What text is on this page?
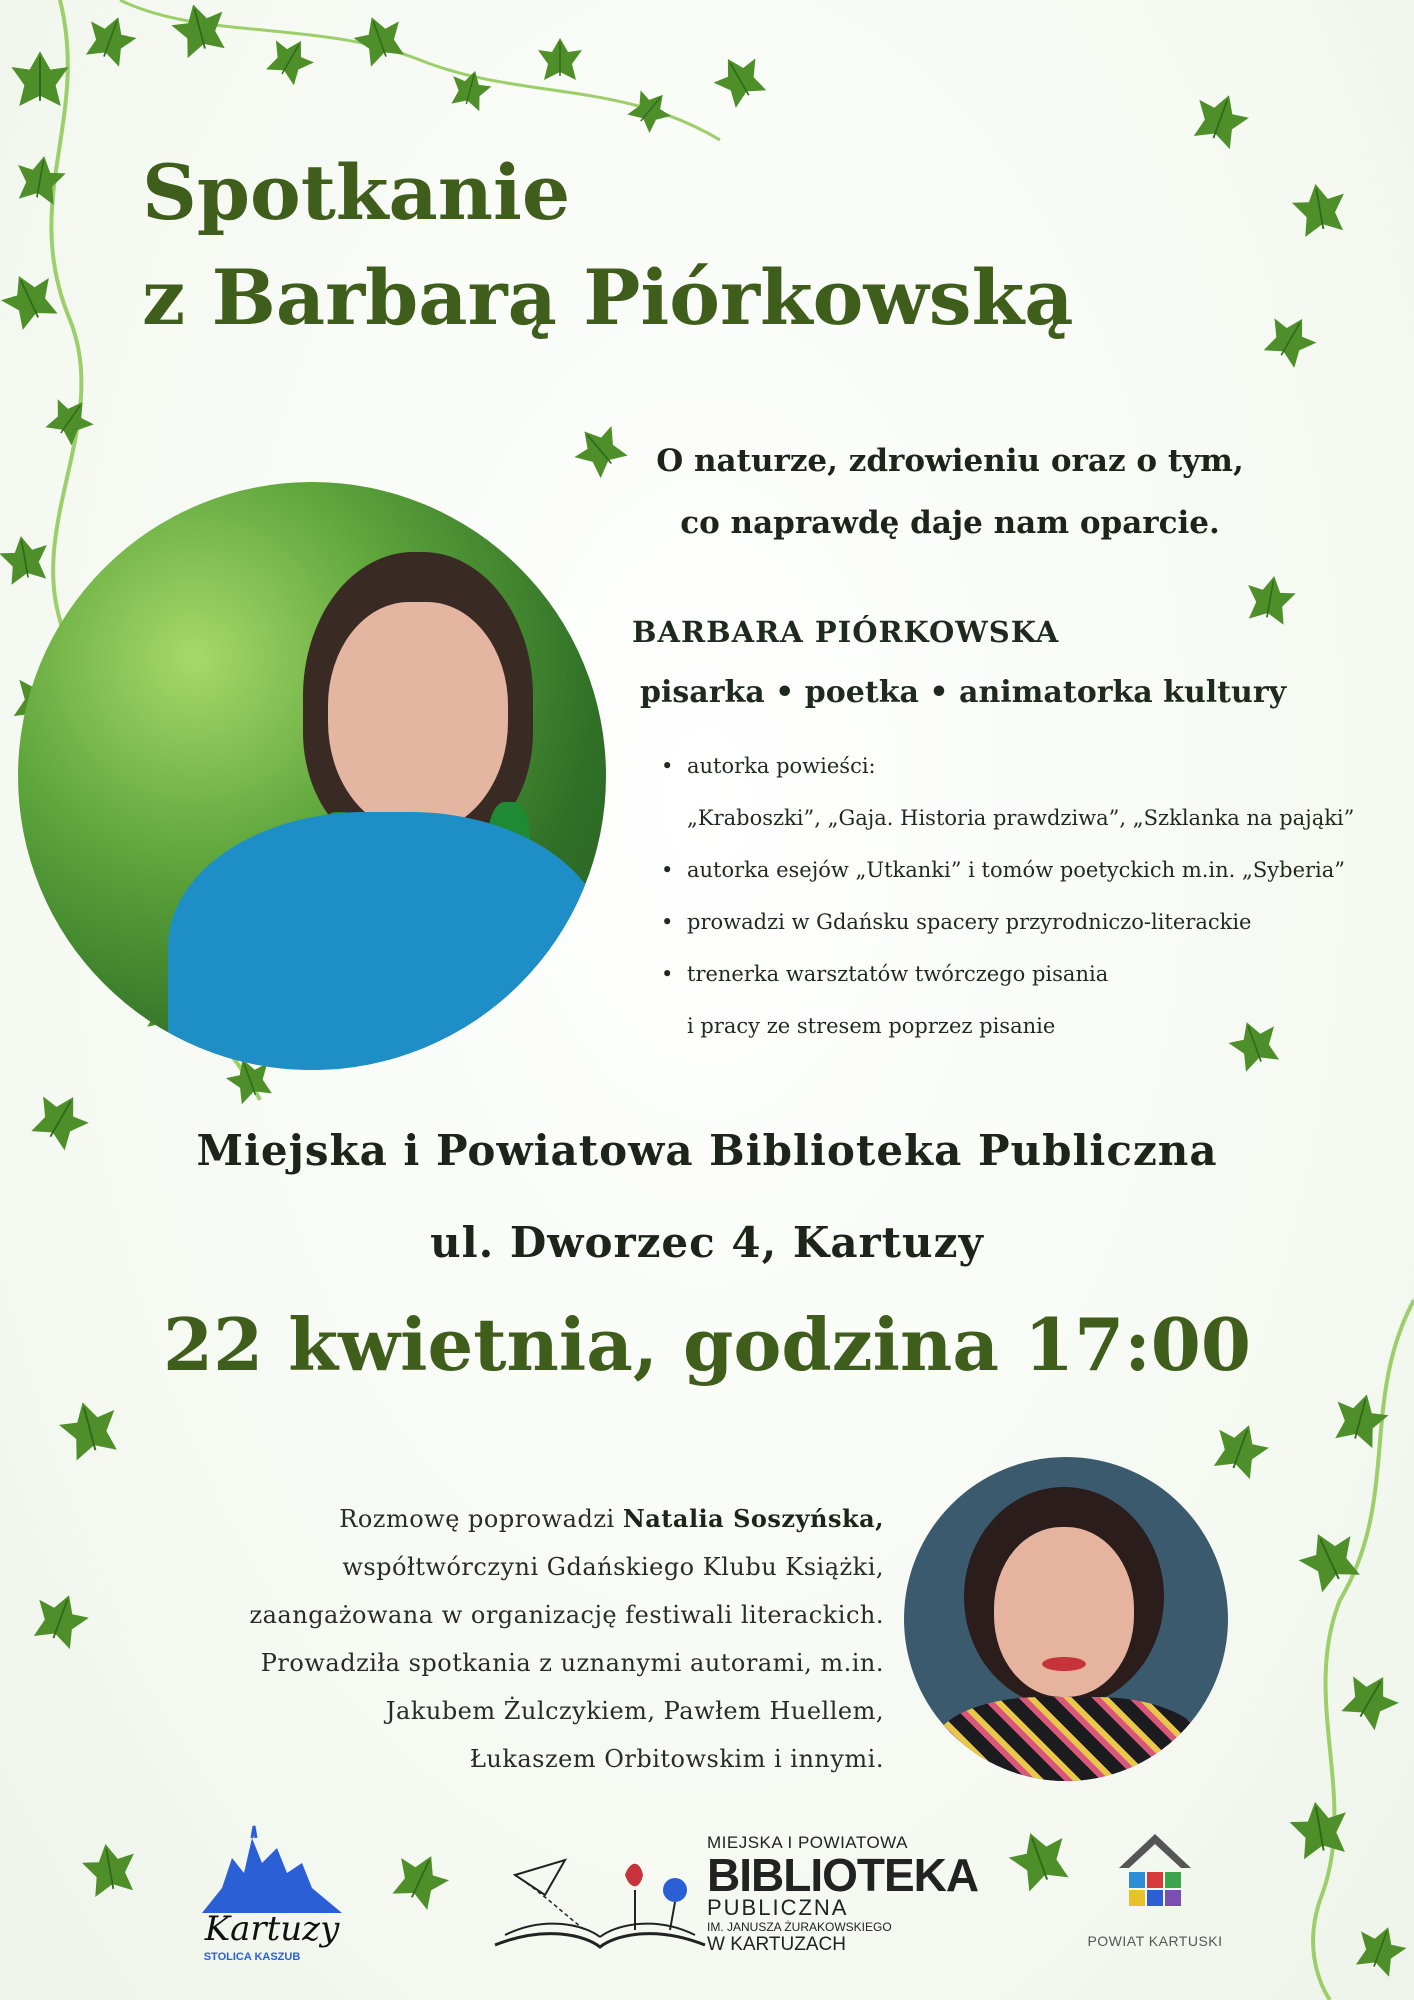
Spotkanie
z Barbarą Piórkowską
O naturze, zdrowieniu oraz o tym,
co naprawdę daje nam oparcie.
BARBARA PIÓRKOWSKA
pisarka • poetka • animatorka kultury
• autorka powieści:
„Kraboszki”, „Gaja. Historia prawdziwa”, „Szklanka na pająki”
• autorka esejów „Utkanki” i tomów poetyckich m.in. „Syberia”
• prowadzi w Gdańsku spacery przyrodniczo-literackie
• trenerka warsztatów twórczego pisania
i pracy ze stresem poprzez pisanie
Miejska i Powiatowa Biblioteka Publiczna
ul. Dworzec 4, Kartuzy
22 kwietnia, godzina 17:00
Rozmowę poprowadzi Natalia Soszyńska,
współtwórczyni Gdańskiego Klubu Książki,
zaangażowana w organizację festiwali literackich.
Prowadziła spotkania z uznanymi autorami, m.in.
Jakubem Żulczykiem, Pawłem Huellem,
Łukaszem Orbitowskim i innymi.
Kartuzy
STOLICA KASZUB
MIEJSKA I POWIATOWA
BIBLIOTEKA
PUBLICZNA
IM. JANUSZA ŻURAKOWSKIEGO
W KARTUZACH	POWIAT KARTUSKI
